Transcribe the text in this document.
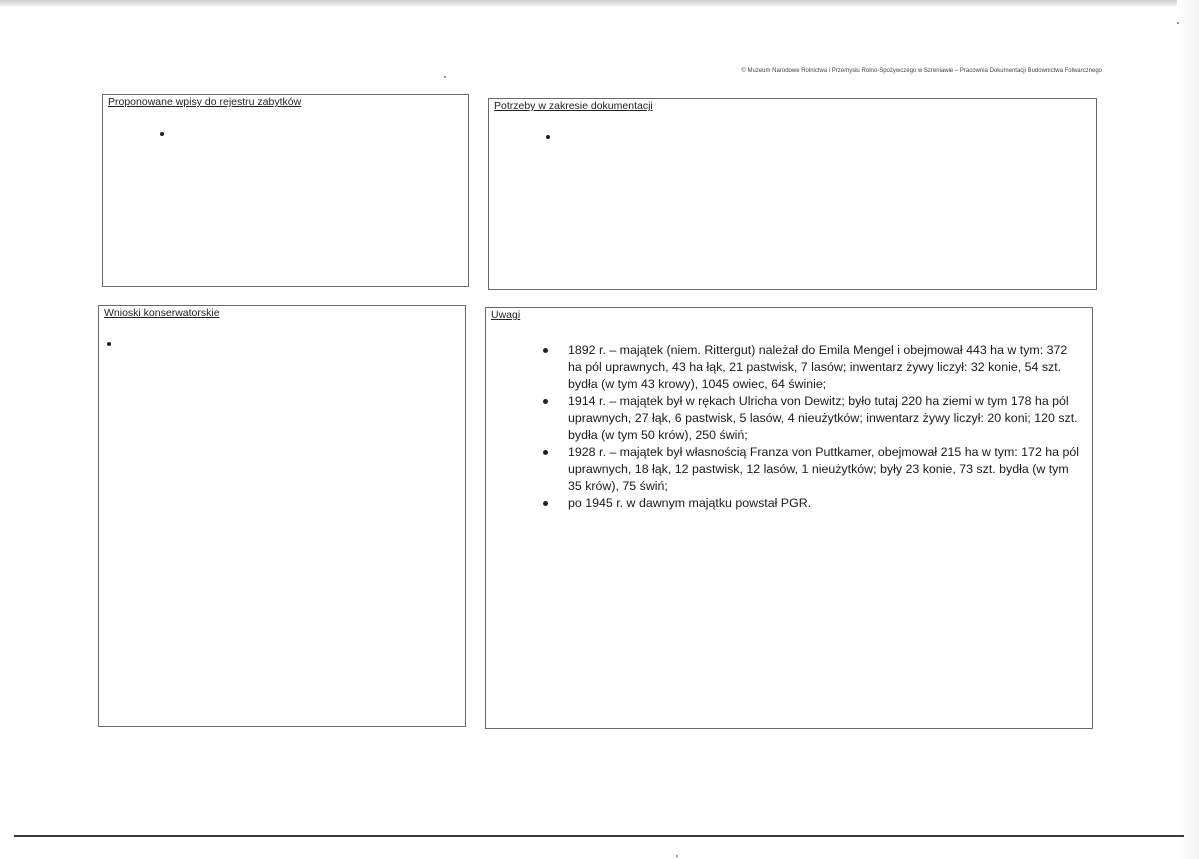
© Muzeum Narodowe Rolnictwa i Przemysłu Rolno-Spożywczego w Szreniawie – Pracownia Dokumentacji Budownictwa Folwarcznego
Proponowane wpisy do rejestru zabytków	Potrzeby w zakresie dokumentacji
Wnioski konserwatorskie	Uwagi
1892 r. – majątek (niem. Rittergut) należał do Emila Mengel i obejmował 443 ha w tym: 372 ha pól uprawnych, 43 ha łąk, 21 pastwisk, 7 lasów; inwentarz żywy liczył: 32 konie, 54 szt. bydła (w tym 43 krowy), 1045 owiec, 64 świnie;
1914 r. – majątek był w rękach Ulricha von Dewitz; było tutaj 220 ha ziemi w tym 178 ha pól uprawnych, 27 łąk, 6 pastwisk, 5 lasów, 4 nieużytków; inwentarz żywy liczył: 20 koni; 120 szt. bydła (w tym 50 krów), 250 świń;
1928 r. – majątek był własnością Franza von Puttkamer, obejmował 215 ha w tym: 172 ha pól uprawnych, 18 łąk, 12 pastwisk, 12 lasów, 1 nieużytków; były 23 konie, 73 szt. bydła (w tym 35 krów), 75 świń;
po 1945 r. w dawnym majątku powstał PGR.
